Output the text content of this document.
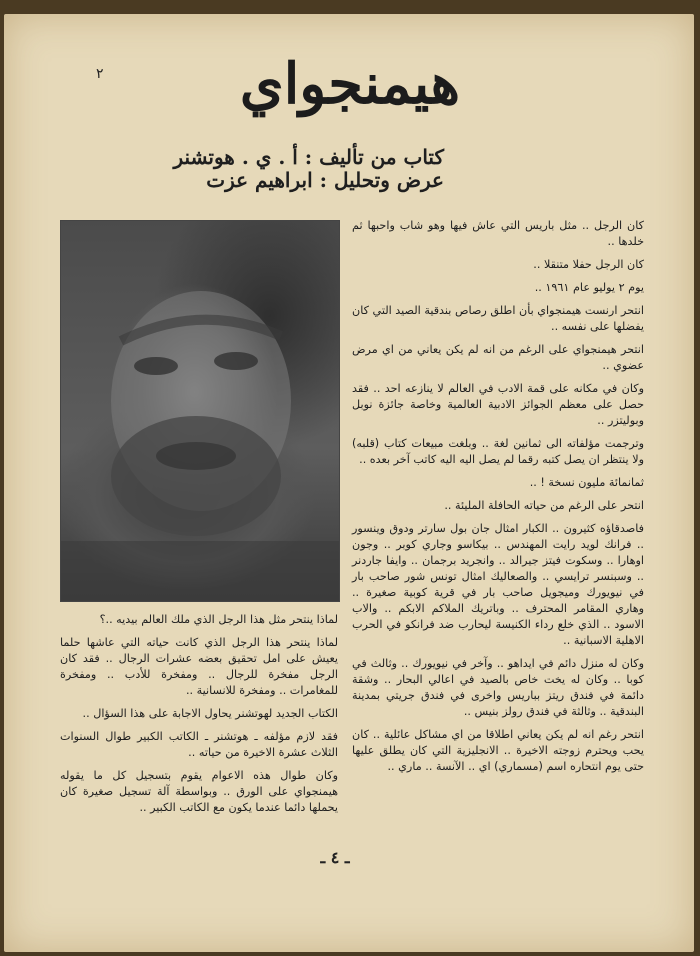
٢	هيمنجواي
كتاب من تأليف : أ . ي . هوتشنر
عرض وتحليل : ابراهيم عزت

كان الرجل .. مثل باريس التي عاش فيها وهو شاب واحبها ثم خلدها ..

كان الرجل حفلا متنقلا ..

يوم ٢ يوليو عام ١٩٦١ ..

انتحر ارنست هيمنجواي بأن اطلق رصاص بندقية الصيد التي كان يفضلها على نفسه ..

انتحر هيمنجواي على الرغم من انه لم يكن يعاني من اي مرض عضوي ..

وكان في مكانه على قمة الادب في العالم لا ينازعه احد .. فقد حصل على معظم الجوائز الادبية العالمية وخاصة جائزة نوبل وبوليتزر ..

وترجمت مؤلفاته الى ثمانين لغة .. وبلغت مبيعات كتاب (قلبه) ولا ينتظر ان يصل كتبه رقما لم يصل اليه اليه كاتب آخر بعده ..

ثمانمائة مليون نسخة ! ..

انتحر على الرغم من حياته الحافلة المليئة ..

فاصدقاؤه كثيرون .. الكبار امثال جان بول سارتر ودوق وينسور .. فرانك لويد رايت المهندس .. بيكاسو وجاري كوبر .. وجون اوهارا .. وسكوت فيتز جيرالد .. وانجريد برجمان .. وايفا جاردنر .. وسبنسر ترايسي .. والصعاليك امثال تونس شور صاحب بار في نيويورك وميجويل صاحب بار في قرية كوبية صغيرة .. وهاري المقامر المحترف .. وباتريك الملاكم الابكم .. والاب الاسود .. الذي خلع رداء الكنيسة ليحارب ضد فرانكو في الحرب الاهلية الاسبانية ..

وكان له منزل دائم في ايداهو .. وآخر في نيويورك .. وثالث في كوبا .. وكان له يخت خاص بالصيد في اعالي البحار .. وشقة دائمة في فندق ريتز بباريس واخرى في فندق جريتي بمدينة البندقية .. وثالثة في فندق رولز بنيس ..

انتحر رغم انه لم يكن يعاني اطلاقا من اي مشاكل عائلية .. كان يحب ويحترم زوجته الاخيرة .. الانجليزية التي كان يطلق عليها حتى يوم انتحاره اسم (مسماري) اي .. الآنسة .. ماري ..

لماذا ينتحر مثل هذا الرجل الذي ملك العالم بيديه ..؟

لماذا ينتحر هذا الرجل الذي كانت حياته التي عاشها حلما يعيش على امل تحقيق بعضه عشرات الرجال .. فقد كان الرجل مفخرة للرجال .. ومفخرة للأدب .. ومفخرة للمغامرات .. ومفخرة للانسانية ..

الكتاب الجديد لهوتشنر يحاول الاجابة على هذا السؤال ..

فقد لازم مؤلفه ـ هوتشنر ـ الكاتب الكبير طوال السنوات الثلاث عشرة الاخيرة من حياته ..

وكان طوال هذه الاعوام يقوم بتسجيل كل ما يقوله هيمنجواي على الورق .. وبواسطة آلة تسجيل صغيرة كان يحملها دائما عندما يكون مع الكاتب الكبير ..

ـ ٤ ـ
